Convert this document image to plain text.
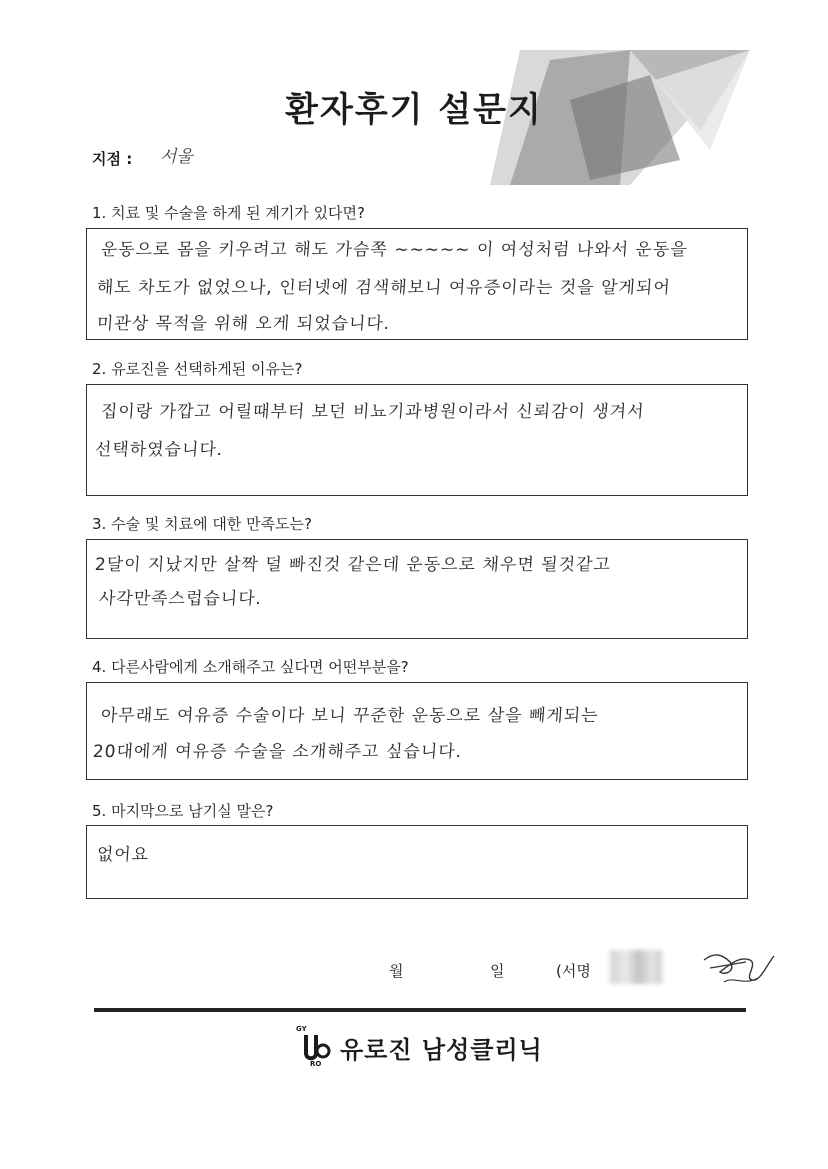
환자후기 설문지
지점 : 서울
1. 치료 및 수술을 하게 된 계기가 있다면?
운동으로 몸을 키우려고 해도 가슴쪽 ~~~~~ 이 여성처럼 나와서 운동을
해도 차도가 없었으나, 인터넷에 검색해보니 여유증이라는 것을 알게되어
미관상 목적을 위해 오게 되었습니다.
2. 유로진을 선택하게된 이유는?
집이랑 가깝고 어릴때부터 보던 비뇨기과병원이라서 신뢰감이 생겨서
선택하였습니다.
3. 수술 및 치료에 대한 만족도는?
2달이 지났지만 살짝 덜 빠진것 같은데 운동으로 채우면 될것같고
사각만족스럽습니다.
4. 다른사람에게 소개해주고 싶다면 어떤부분을?
아무래도 여유증 수술이다 보니 꾸준한 운동으로 살을 빼게되는
20대에게 여유증 수술을 소개해주고 싶습니다.
5. 마지막으로 남기실 말은?
없어요
월	일	(서명
GY
RO
유로진 남성클리닉
